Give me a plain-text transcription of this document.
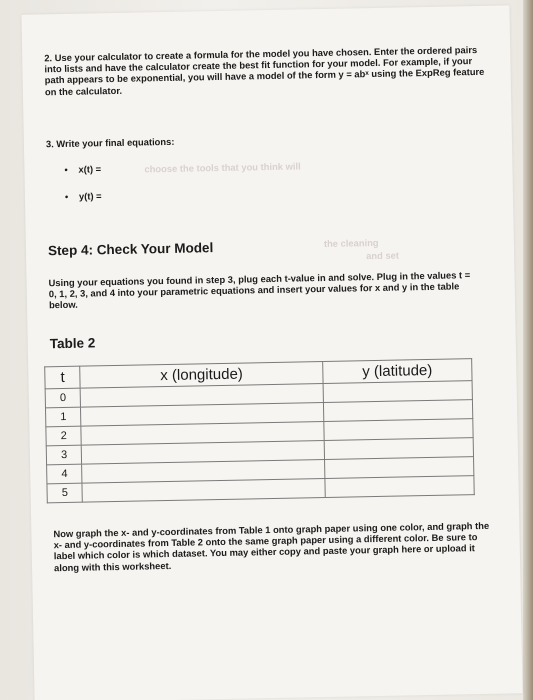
choose the tools that you think will

the cleaning

and set

2. Use your calculator to create a formula for the model you have chosen. Enter the ordered pairs into lists and have the calculator create the best fit function for your model. For example, if your path appears to be exponential, you will have a model of the form y = abˣ using the ExpReg feature on the calculator.

3. Write your final equations:

• x(t) =
• y(t) =
Step 4: Check Your Model

Using your equations you found in step 3, plug each t-value in and solve. Plug in the values t = 0, 1, 2, 3, and 4 into your parametric equations and insert your values for x and y in the table below.

Table 2
t	x (longitude)	y (latitude)
0		
1		
2		
3		
4		
5		

Now graph the x- and y-coordinates from Table 1 onto graph paper using one color, and graph the x- and y-coordinates from Table 2 onto the same graph paper using a different color. Be sure to label which color is which dataset. You may either copy and paste your graph here or upload it along with this worksheet.
